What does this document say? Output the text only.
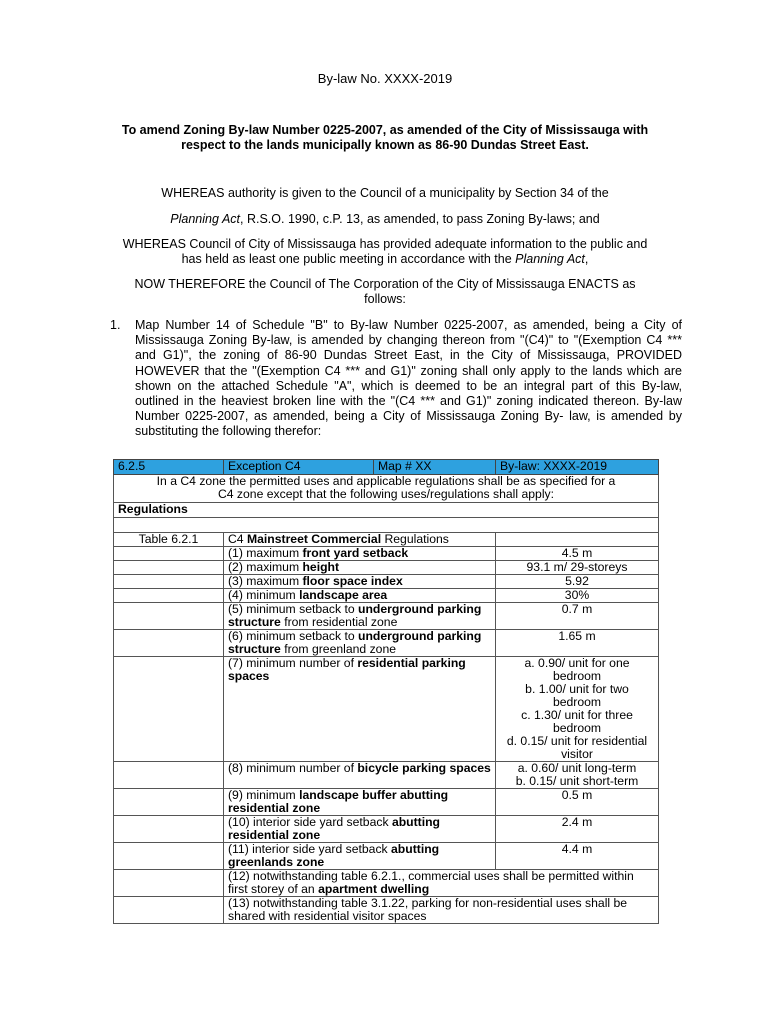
By-law No. XXXX-2019
To amend Zoning By-law Number 0225-2007, as amended of the City of Mississauga with
respect to the lands municipally known as 86-90 Dundas Street East.
WHEREAS authority is given to the Council of a municipality by Section 34 of the
Planning Act, R.S.O. 1990, c.P. 13, as amended, to pass Zoning By-laws; and
WHEREAS Council of City of Mississauga has provided adequate information to the public and
has held as least one public meeting in accordance with the Planning Act,
NOW THEREFORE the Council of The Corporation of the City of Mississauga ENACTS as
follows:
1. Map Number 14 of Schedule "B" to By-law Number 0225-2007, as amended, being a City of Mississauga Zoning By-law, is amended by changing thereon from "(C4)" to "(Exemption C4 *** and G1)", the zoning of 86-90 Dundas Street East, in the City of Mississauga, PROVIDED HOWEVER that the "(Exemption C4 *** and G1)" zoning shall only apply to the lands which are shown on the attached Schedule "A", which is deemed to be an integral part of this By-law, outlined in the heaviest broken line with the "(C4 *** and G1)" zoning indicated thereon. By-law Number 0225-2007, as amended, being a City of Mississauga Zoning By- law, is amended by substituting the following therefor:
6.2.5	Exception C4	Map # XX	By-law: XXXX-2019

In a C4 zone the permitted uses and applicable regulations shall be as specified for a
C4 zone except that the following uses/regulations shall apply:			

Regulations			

Table 6.2.1	C4 Mainstreet Commercial Regulations		
	(1) maximum front yard setback		4.5 m
	(2) maximum height		93.1 m/ 29-storeys
	(3) maximum floor space index		5.92
	(4) minimum landscape area		30%
	(5) minimum setback to underground parking structure from residential zone		0.7 m
	(6) minimum setback to underground parking structure from greenland zone		1.65 m
	(7) minimum number of residential parking spaces		a. 0.90/ unit for one bedroom
b. 1.00/ unit for two bedroom
c. 1.30/ unit for three bedroom
d. 0.15/ unit for residential visitor
	(8) minimum number of bicycle parking spaces		a. 0.60/ unit long-term
b. 0.15/ unit short-term
	(9) minimum landscape buffer abutting residential zone		0.5 m
	(10) interior side yard setback abutting residential zone		2.4 m
	(11) interior side yard setback abutting greenlands zone		4.4 m
	(12) notwithstanding table 6.2.1., commercial uses shall be permitted within first storey of an apartment dwelling		
	(13) notwithstanding table 3.1.22, parking for non-residential uses shall be shared with residential visitor spaces		
